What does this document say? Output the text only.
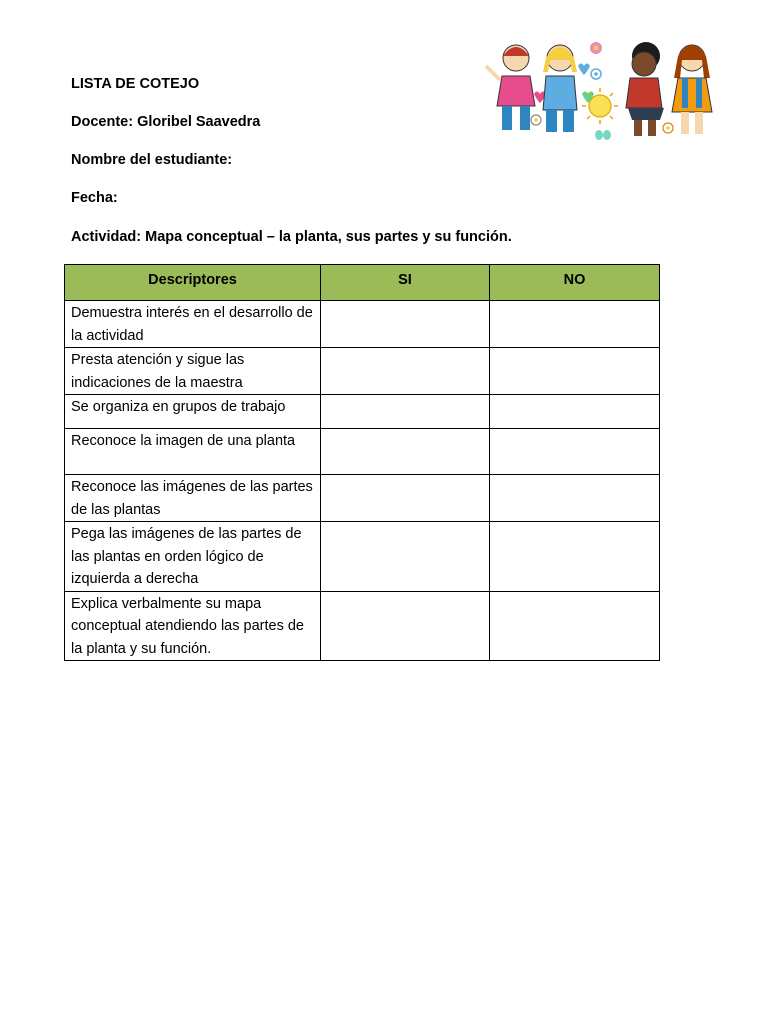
LISTA DE COTEJO
Docente: Gloribel Saavedra
Nombre del estudiante:
Fecha:
Actividad: Mapa conceptual – la planta, sus partes y su función.
Descriptores	SI	NO
Demuestra interés en el desarrollo de la actividad		
Presta atención y sigue las indicaciones de la maestra		
Se organiza en grupos de trabajo		
Reconoce la imagen de una planta		
Reconoce las imágenes de las partes de las plantas		
Pega las imágenes de las partes de las plantas en orden lógico de izquierda a derecha		
Explica verbalmente su mapa conceptual atendiendo las partes de la planta y su función.		
